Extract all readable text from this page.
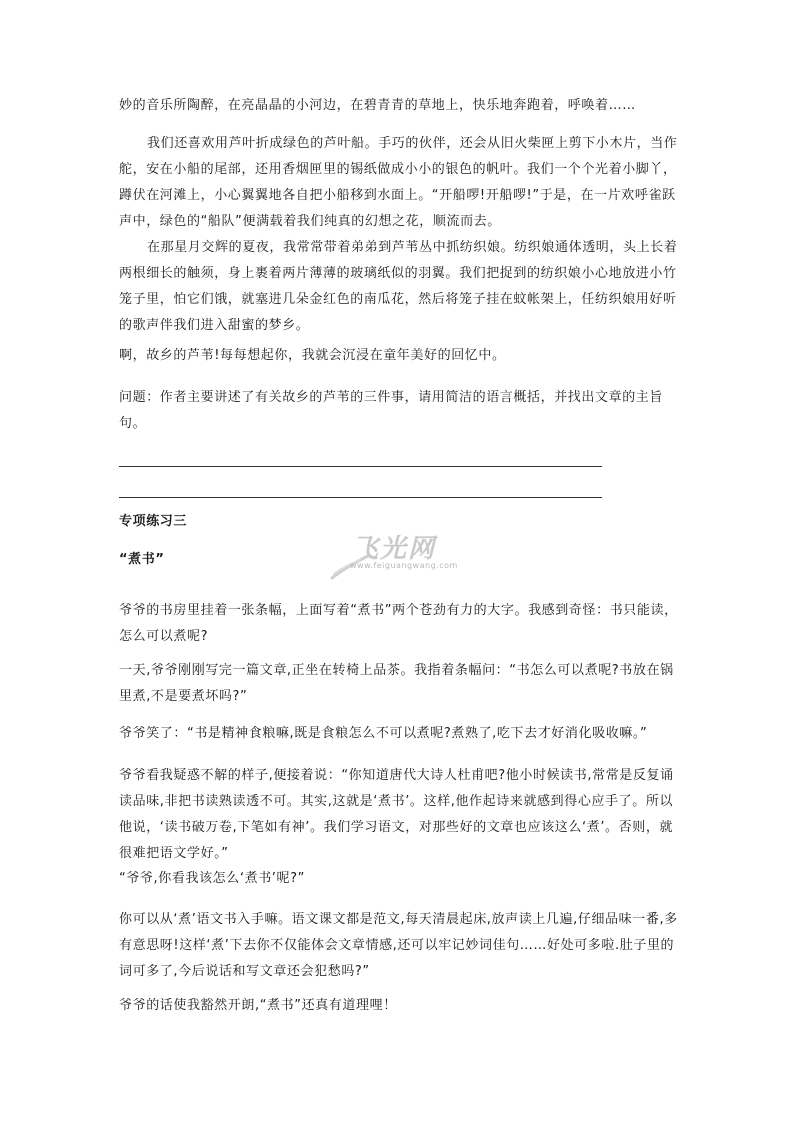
妙的音乐所陶醉，在亮晶晶的小河边，在碧青青的草地上，快乐地奔跑着，呼唤着……

我们还喜欢用芦叶折成绿色的芦叶船。手巧的伙伴，还会从旧火柴匣上剪下小木片，当作舵，安在小船的尾部，还用香烟匣里的锡纸做成小小的银色的帆叶。我们一个个光着小脚丫，蹲伏在河滩上，小心翼翼地各自把小船移到水面上。“开船啰!开船啰!”于是，在一片欢呼雀跃声中，绿色的“船队”便满载着我们纯真的幻想之花，顺流而去。

在那星月交辉的夏夜，我常常带着弟弟到芦苇丛中抓纺织娘。纺织娘通体透明，头上长着两根细长的触须，身上裹着两片薄薄的玻璃纸似的羽翼。我们把捉到的纺织娘小心地放进小竹笼子里，怕它们饿，就塞进几朵金红色的南瓜花，然后将笼子挂在蚊帐架上，任纺织娘用好听的歌声伴我们进入甜蜜的梦乡。

啊，故乡的芦苇!每每想起你，我就会沉浸在童年美好的回忆中。

问题：作者主要讲述了有关故乡的芦苇的三件事，请用简洁的语言概括，并找出文章的主旨句。

专项练习三

“煮书”	飞光网
www.feiguangwang.com

爷爷的书房里挂着一张条幅，上面写着“煮书”两个苍劲有力的大字。我感到奇怪：书只能读，怎么可以煮呢?

一天,爷爷刚刚写完一篇文章,正坐在转椅上品茶。我指着条幅问：“书怎么可以煮呢?书放在锅里煮,不是要煮坏吗?”

爷爷笑了：“书是精神食粮嘛,既是食粮怎么不可以煮呢?煮熟了,吃下去才好消化吸收嘛。”

爷爷看我疑惑不解的样子,便接着说：“你知道唐代大诗人杜甫吧?他小时候读书,常常是反复诵读品味,非把书读熟读透不可。其实,这就是‘煮书’。这样,他作起诗来就感到得心应手了。所以他说，‘读书破万卷,下笔如有神’。我们学习语文，对那些好的文章也应该这么‘煮’。否则，就很难把语文学好。”

“爷爷,你看我该怎么‘煮书’呢?”

你可以从‘煮’语文书入手嘛。语文课文都是范文,每天清晨起床,放声读上几遍,仔细品味一番,多有意思呀!这样‘煮’下去你不仅能体会文章情感,还可以牢记妙词佳句……好处可多啦.肚子里的词可多了,今后说话和写文章还会犯愁吗?”

爷爷的话使我豁然开朗,“煮书”还真有道理哩！
